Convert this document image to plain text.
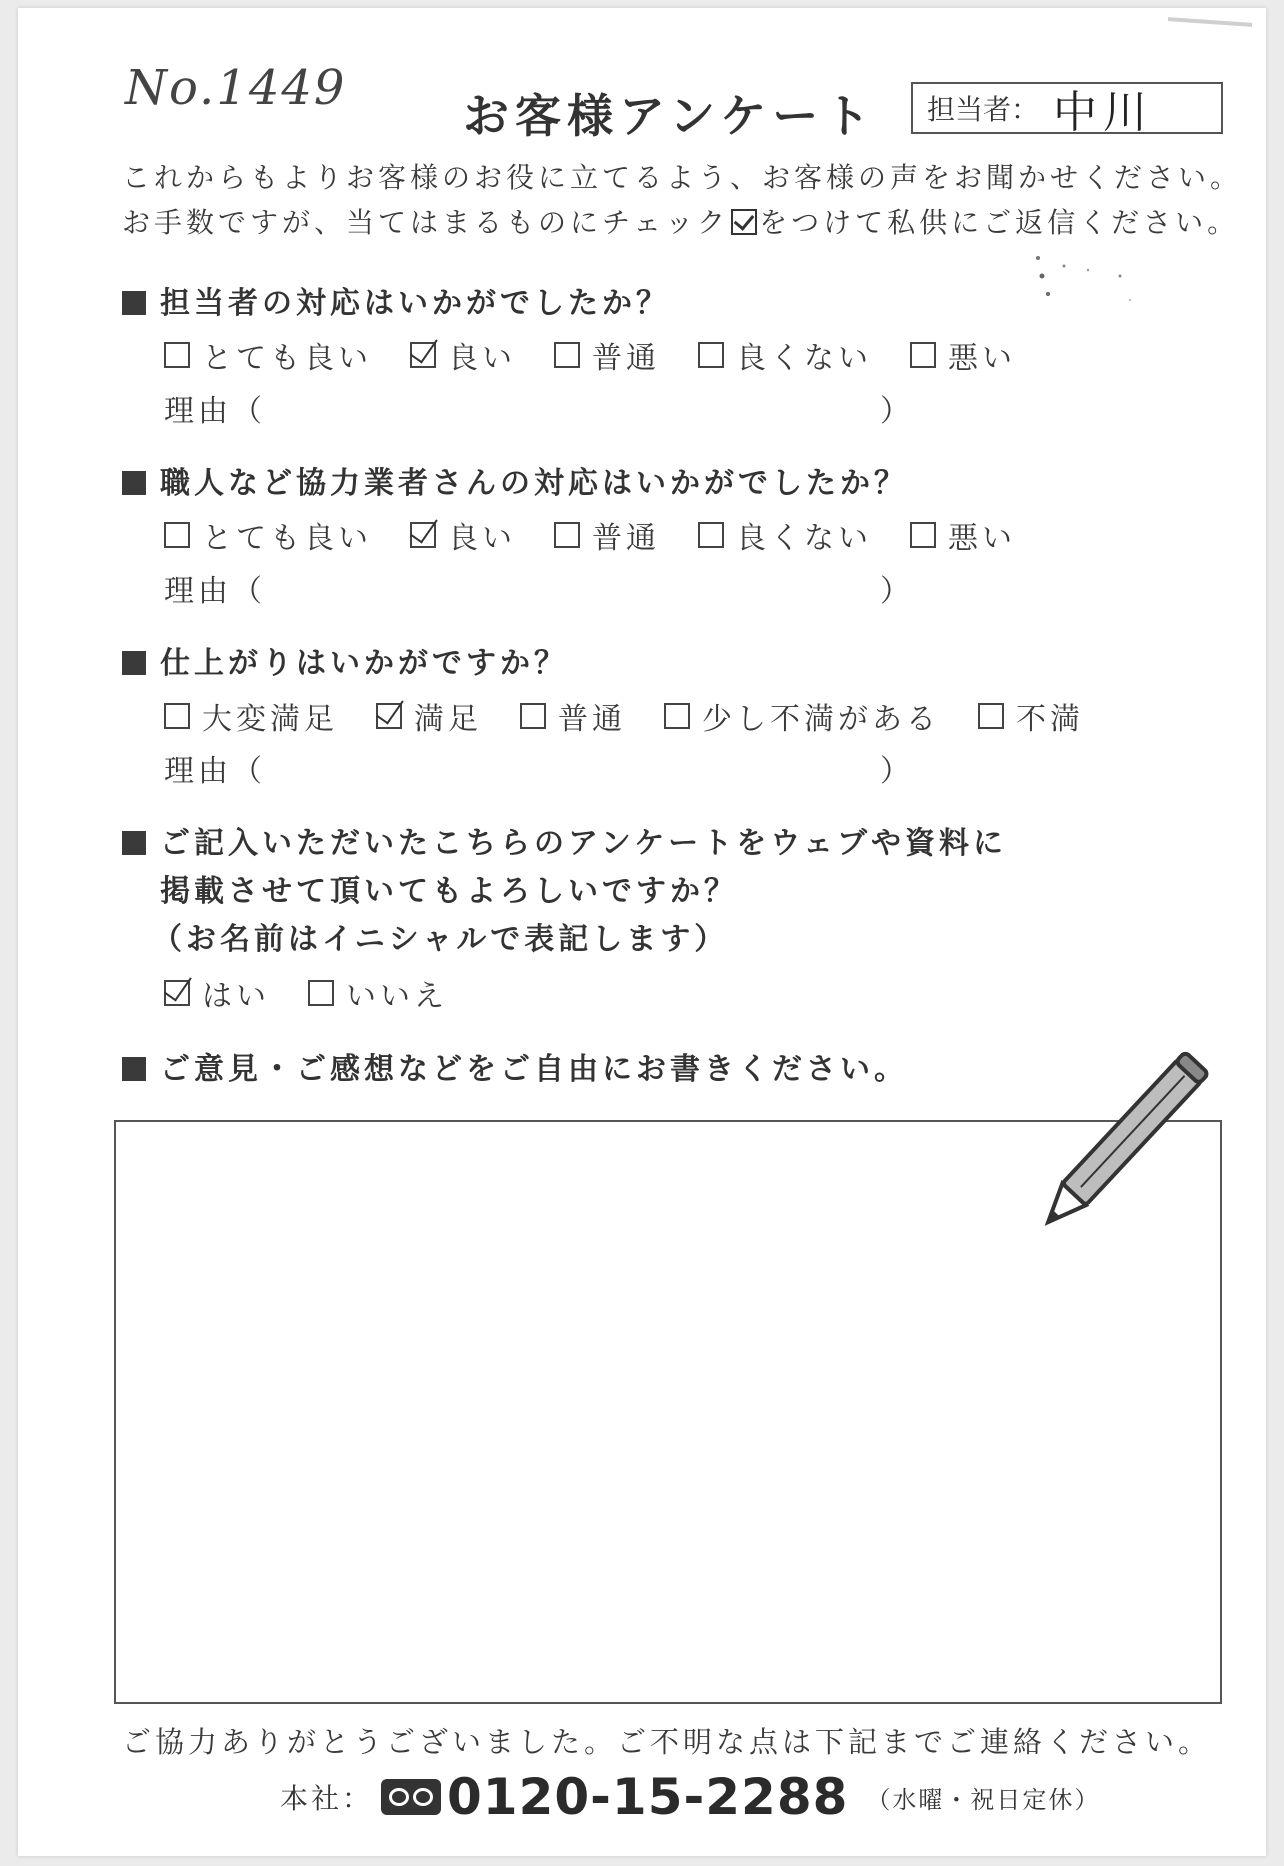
No.1449	お客様アンケート 担当者： 中川
これからもよりお客様のお役に立てるよう、お客様の声をお聞かせください。
お手数ですが、当てはまるものにチェック をつけて私供にご返信ください。
担当者の対応はいかがでしたか？
とても良い	良い	普通	良くない	悪い
理由（	）
職人など協力業者さんの対応はいかがでしたか？
とても良い	良い	普通	良くない	悪い
理由（	）
仕上がりはいかがですか？
大変満足	満足	普通	少し不満がある	不満
理由（	）
ご記入いただいたこちらのアンケートをウェブや資料に
掲載させて頂いてもよろしいですか？
（お名前はイニシャルで表記します）
はい	いいえ
ご意見・ご感想などをご自由にお書きください。
ご協力ありがとうございました。ご不明な点は下記までご連絡ください。
本社： 0120-15-2288 （水曜・祝日定休）
